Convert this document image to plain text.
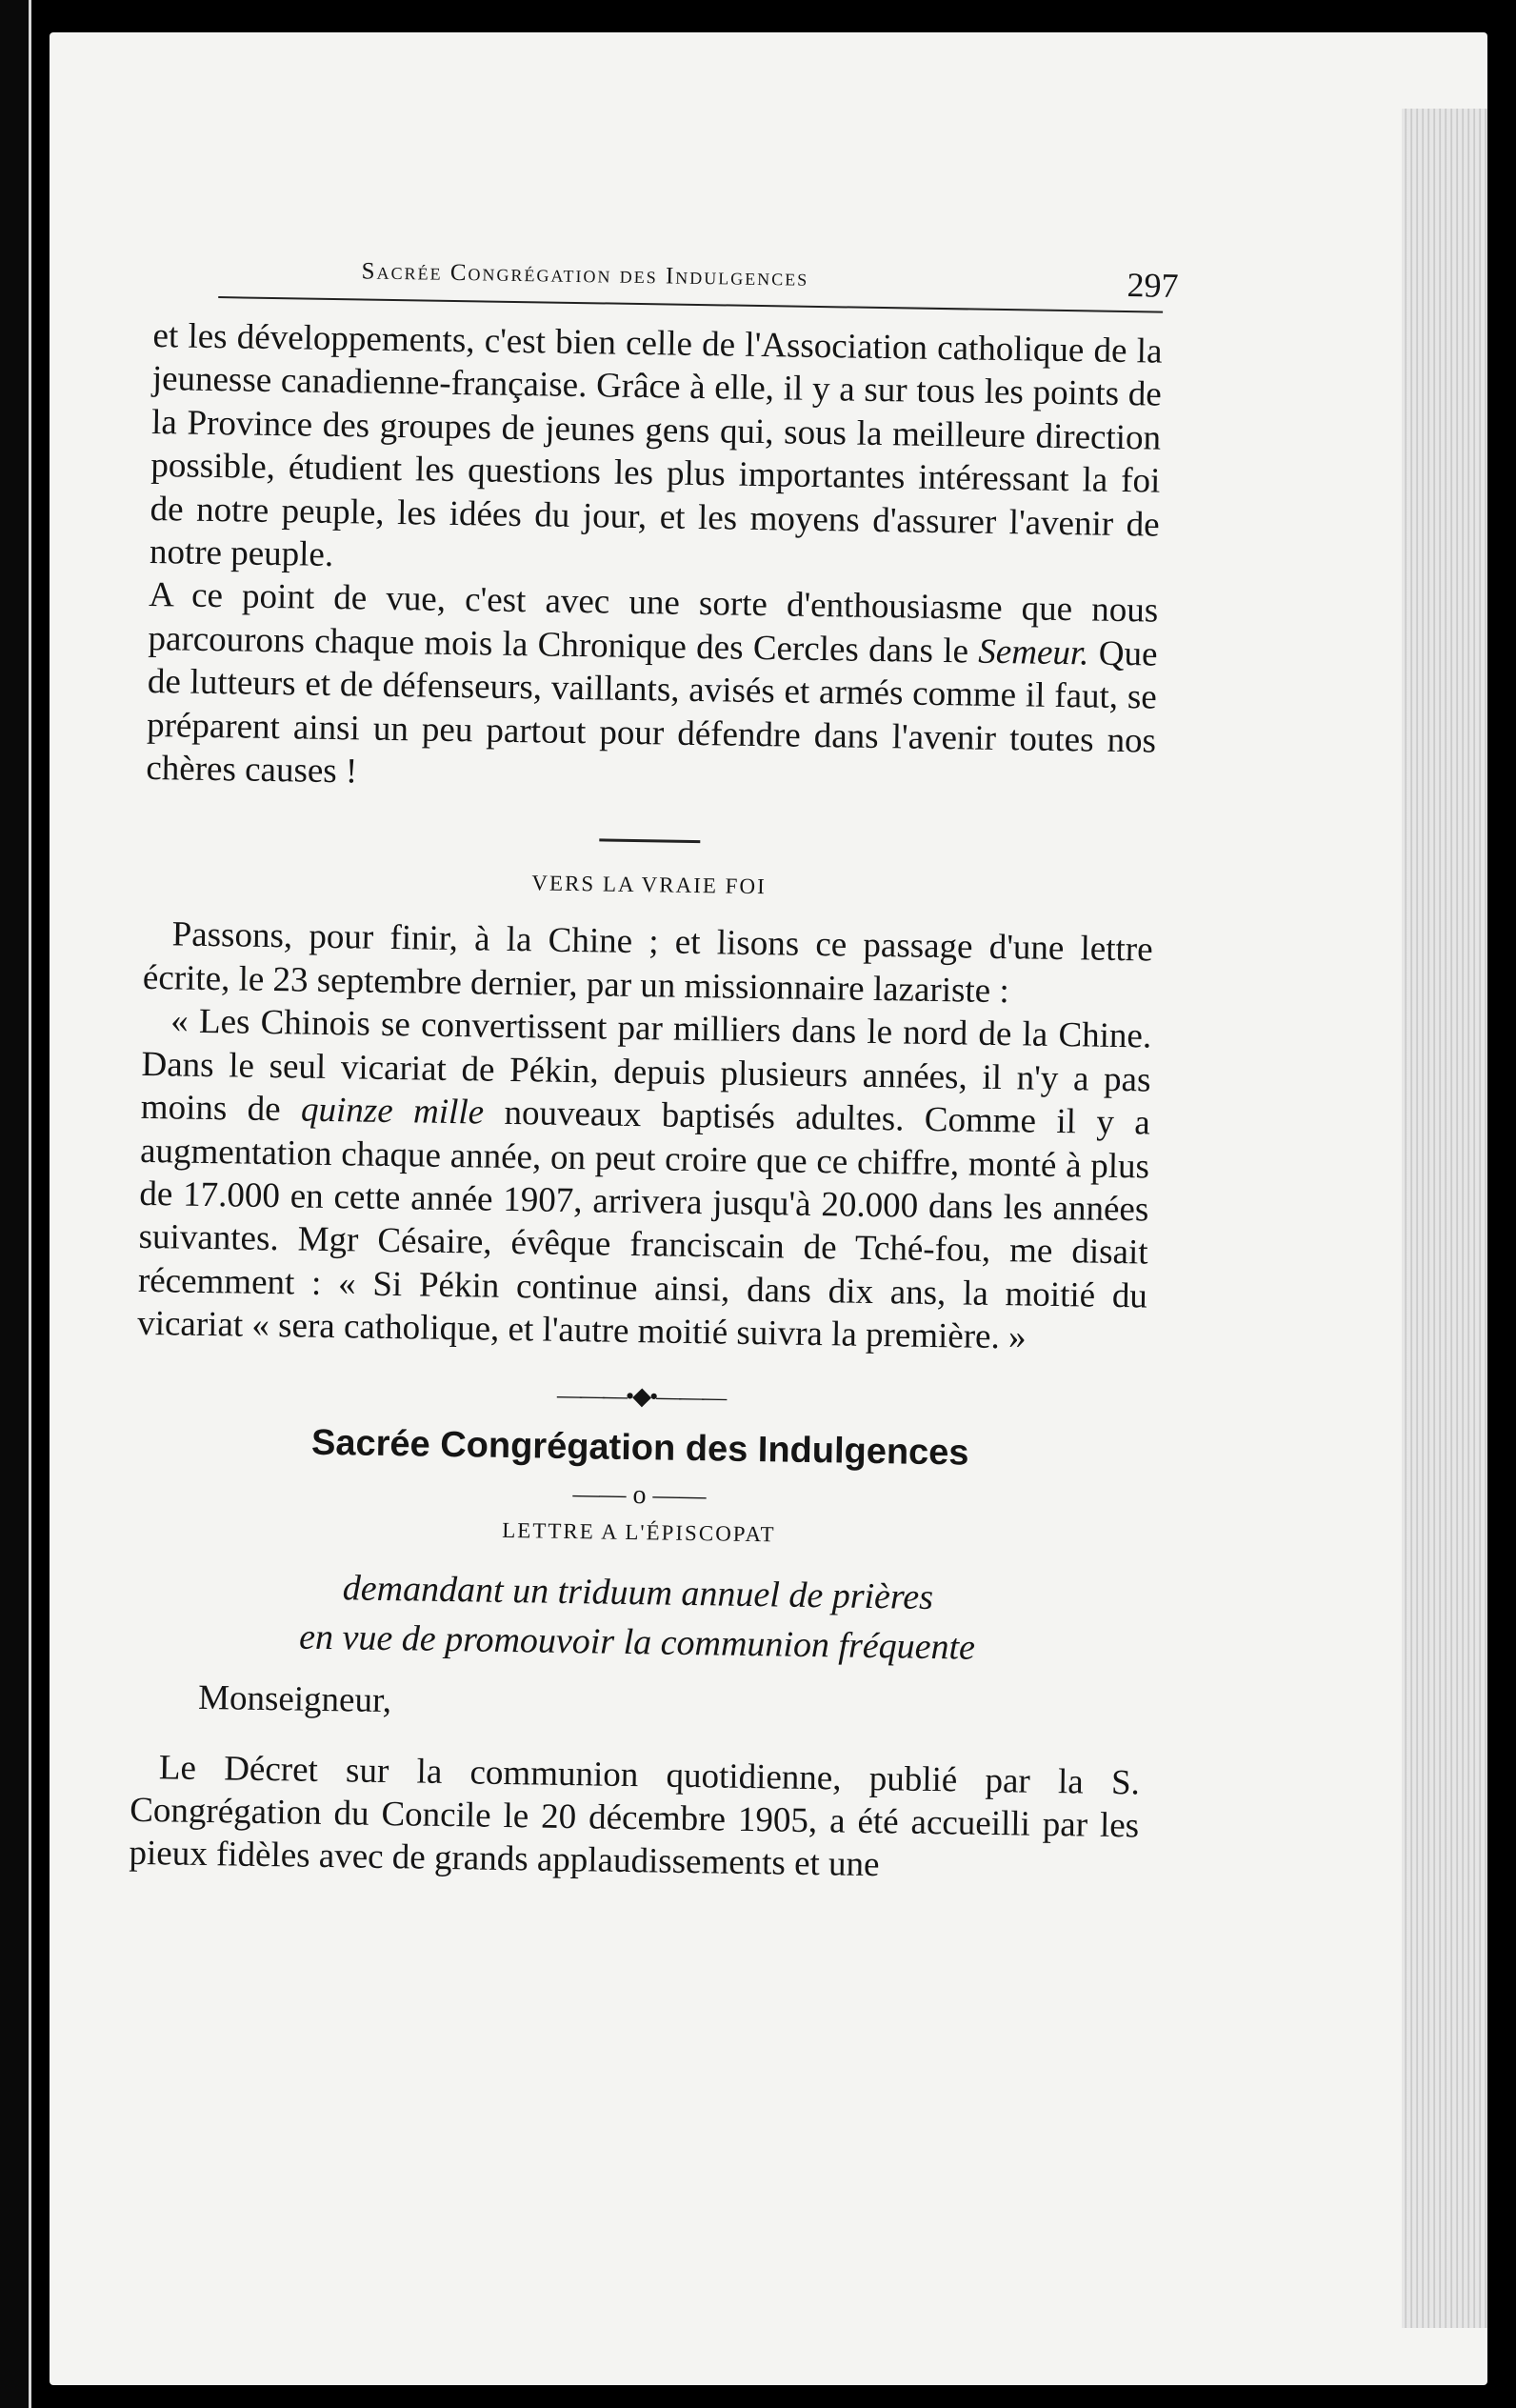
Sacrée Congrégation des Indulgences	297

et les développements, c'est bien celle de l'Association catholique de la jeunesse canadienne-française. Grâce à elle, il y a sur tous les points de la Province des groupes de jeunes gens qui, sous la meilleure direction possible, étudient les questions les plus importantes intéressant la foi de notre peuple, les idées du jour, et les moyens d'assurer l'avenir de notre peuple.

A ce point de vue, c'est avec une sorte d'enthousiasme que nous parcourons chaque mois la Chronique des Cercles dans le Semeur. Que de lutteurs et de défenseurs, vaillants, avisés et armés comme il faut, se préparent ainsi un peu partout pour défendre dans l'avenir toutes nos chères causes !

VERS LA VRAIE FOI

Passons, pour finir, à la Chine ; et lisons ce passage d'une lettre écrite, le 23 septembre dernier, par un missionnaire lazariste :

« Les Chinois se convertissent par milliers dans le nord de la Chine. Dans le seul vicariat de Pékin, depuis plusieurs années, il n'y a pas moins de quinze mille nouveaux baptisés adultes. Comme il y a augmentation chaque année, on peut croire que ce chiffre, monté à plus de 17.000 en cette année 1907, arrivera jusqu'à 20.000 dans les années suivantes. Mgr Césaire, évêque franciscain de Tché-fou, me disait récemment : « Si Pékin continue ainsi, dans dix ans, la moitié du vicariat « sera catholique, et l'autre moitié suivra la première. »

———•◆•———
Sacrée Congrégation des Indulgences
—— o ——
LETTRE A L'ÉPISCOPAT
demandant un triduum annuel de prières
en vue de promouvoir la communion fréquente
Monseigneur,

Le Décret sur la communion quotidienne, publié par la S. Congrégation du Concile le 20 décembre 1905, a été accueilli par les pieux fidèles avec de grands applaudissements et une
